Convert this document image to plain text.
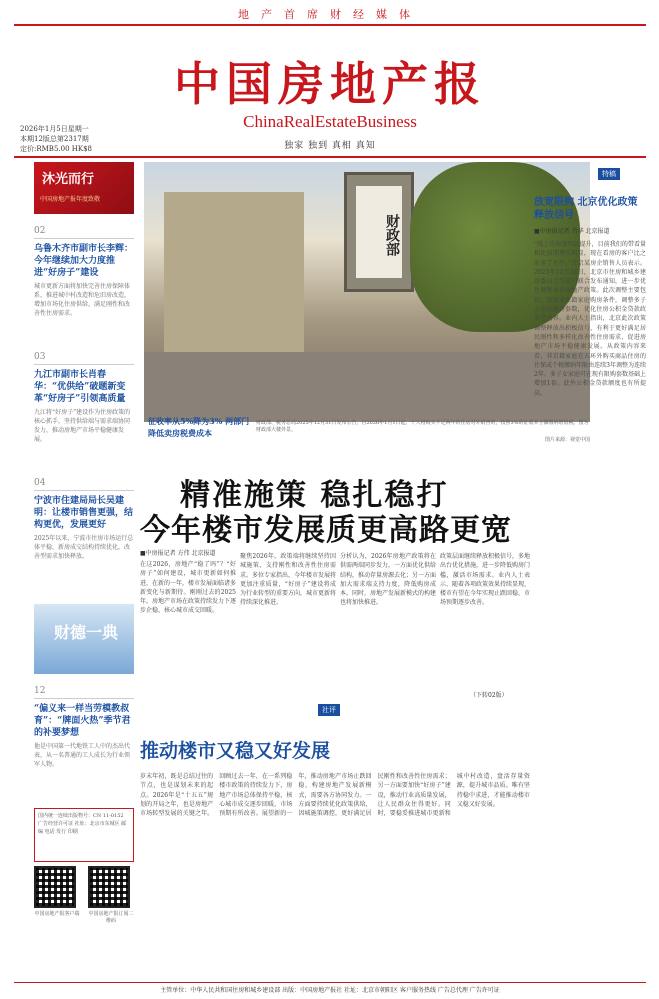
地产首席财经媒体
中国房地产报
ChinaRealEstateBusiness
独家 独到 真相 真知
2026年1月5日星期一
本期12版总第2317期
定价:RMB5.00 HK$8
沐光而行
中国房地产报年度致敬
02
乌鲁木齐市副市长李辉：今年继续加大力度推进“好房子”建设
城市更新方面将加快完善住房保障体系，推进城中村改造和危旧房改造，增加市场化住房供给，满足刚性和改善性住房需求。
03
九江市副市长肖春华：“优供给”破题新变革“好房子”引领高质量
九江将“好房子”建设作为住房政策的核心抓手，坚持供给端与需求端协同发力，推动房地产市场平稳健康发展。
04
宁波市住建局局长吴建明：让楼市销售更强，结构更优，发展更好
2025年以来，宁波市住房市场运行总体平稳，新房成交结构持续优化，改善型需求加快释放。
财德一典
12
“偏义来一样当劳模教叔育”：“牌面火热”季节君的补要梦想
他是中国第一代地铁工人中的杰出代表，从一名普通的工人成长为行业领军人物。
国内统一连续出版物号：CN 11-0152 广告经营许可证 社址：北京市东城区 邮编 电话 发行 印刷
中国房地产报客户端 中国房地产报订阅二维码
财政部
征收率从5%降为3% 两部门降低卖房税费成本
财政部、税务总局2025年12月31日发布公告，自2026年1月1日起，个人将购买不足两年的住房对外销售的，按照3%的征收率全额缴纳增值税。图为财政部大楼外景。
图片来源：视觉中国
特稿
放宽限购 北京优化政策释放信号
■中房报记者 肖华 北京报道
“线上咨询量明显提升，目前我们的带看量相比前期增长明显，现在看房的客户比之前多了不少。”北京某房企销售人员表示。2025年12月24日，北京市住房和城乡建设委员会等部门联合发布通知，进一步优化调整本市房地产政策。此次调整主要包括：放宽非京籍家庭购房条件，调整多子女家庭购房套数，优化住房公积金贷款政策等内容。业内人士指出，北京此次政策调整释放出积极信号，有利于更好满足居民刚性和多样化改善性住房需求，促进房地产市场平稳健康发展。从政策内容来看，非京籍家庭在五环外购买商品住房的社保或个税缴纳年限由连续3年调整为连续2年。多子女家庭可在现有限购套数基础上增加1套。此外公积金贷款额度也有所提高。
精准施策 稳扎稳打
今年楼市发展质更高路更宽
■中房报记者 方伟 北京报道
在这2026，房地产“稳了吗”？“好房子”如何建设，城市更新如何推进，在新的一年，楼市发展面临诸多新变化与新期待。刚刚过去的2025年，房地产市场在政策持续发力下逐步企稳，核心城市成交回暖。
聚焦2026年，政策端将继续坚持因城施策，支持刚性和改善性住房需求。多位专家指出，今年楼市发展将更加注重质量，“好房子”建设将成为行业转型的重要方向，城市更新将持续深化推进。
分析认为，2026年房地产政策将在供需两端同步发力，一方面优化供给结构，推动存量房源去化；另一方面加大需求端支持力度，降低购房成本。同时，房地产发展新模式的构建也将加快推进。
政策层面继续释放积极信号，多地出台优化措施，进一步降低购房门槛，激活市场需求。业内人士表示，随着各项政策效果持续显现，楼市有望在今年实现止跌回稳，市场预期逐步改善。
（下转02版）
社评
推动楼市又稳又好发展
岁末年初，既是总结过往的节点，也是谋划未来的起点。2026年是“十五五”规划的开局之年，也是房地产市场转型发展的关键之年。回顾过去一年，在一系列稳楼市政策的持续发力下，房地产市场总体保持平稳，核心城市成交逐步回暖，市场预期有所改善。展望新的一年，推动房地产市场止跌回稳，构建房地产发展新模式，需要各方协同发力。一方面要持续优化政策供给，因城施策调控，更好满足居民刚性和改善性住房需求；另一方面要加快“好房子”建设，推动行业高质量发展，让人民群众住得更好。同时，要稳妥推进城市更新和城中村改造，盘活存量资源，提升城市品质。唯有坚持稳中求进，才能推动楼市又稳又好发展。
主管单位：中华人民共和国住房和城乡建设部 出版：中国房地产报社 社址：北京市朝阳区 客户服务热线 广告总代理 广告许可证
